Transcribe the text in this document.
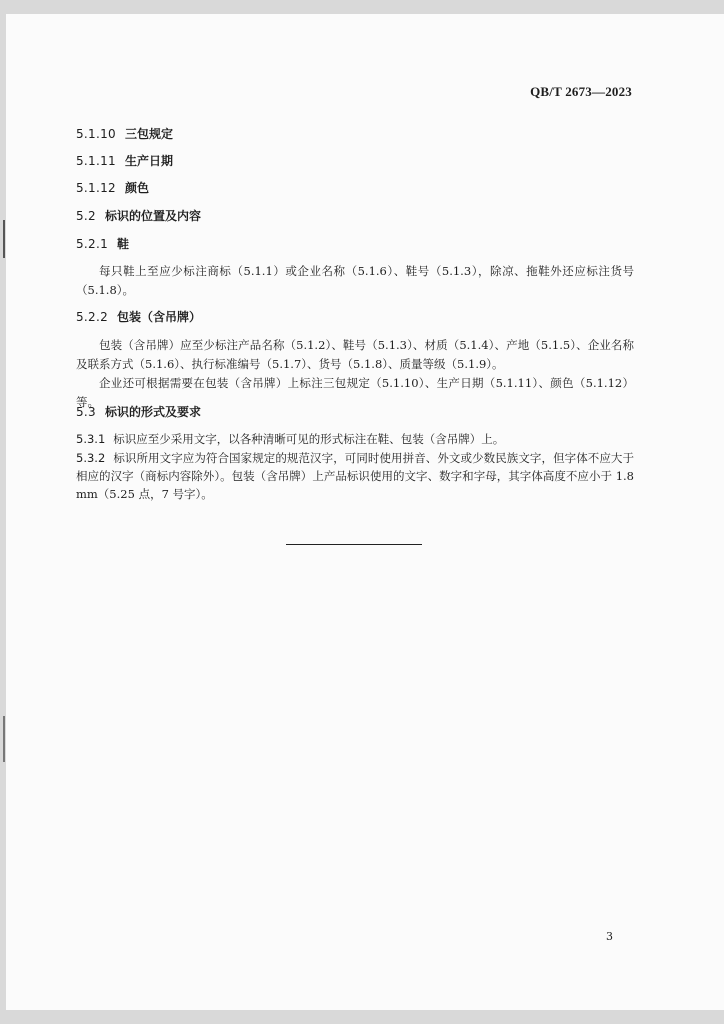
QB/T 2673—2023
5.1.10 三包规定
5.1.11 生产日期
5.1.12 颜色
5.2 标识的位置及内容
5.2.1 鞋
每只鞋上至应少标注商标（5.1.1）或企业名称（5.1.6）、鞋号（5.1.3），除凉、拖鞋外还应标注货号（5.1.8）。
5.2.2 包装（含吊牌）
包装（含吊牌）应至少标注产品名称（5.1.2）、鞋号（5.1.3）、材质（5.1.4）、产地（5.1.5）、企业名称及联系方式（5.1.6）、执行标准编号（5.1.7）、货号（5.1.8）、质量等级（5.1.9）。
企业还可根据需要在包装（含吊牌）上标注三包规定（5.1.10）、生产日期（5.1.11）、颜色（5.1.12）等。
5.3 标识的形式及要求
5.3.1 标识应至少采用文字，以各种清晰可见的形式标注在鞋、包装（含吊牌）上。
5.3.2 标识所用文字应为符合国家规定的规范汉字，可同时使用拼音、外文或少数民族文字，但字体不应大于相应的汉字（商标内容除外）。包装（含吊牌）上产品标识使用的文字、数字和字母，其字体高度不应小于 1.8 mm（5.25 点，7 号字）。
3
